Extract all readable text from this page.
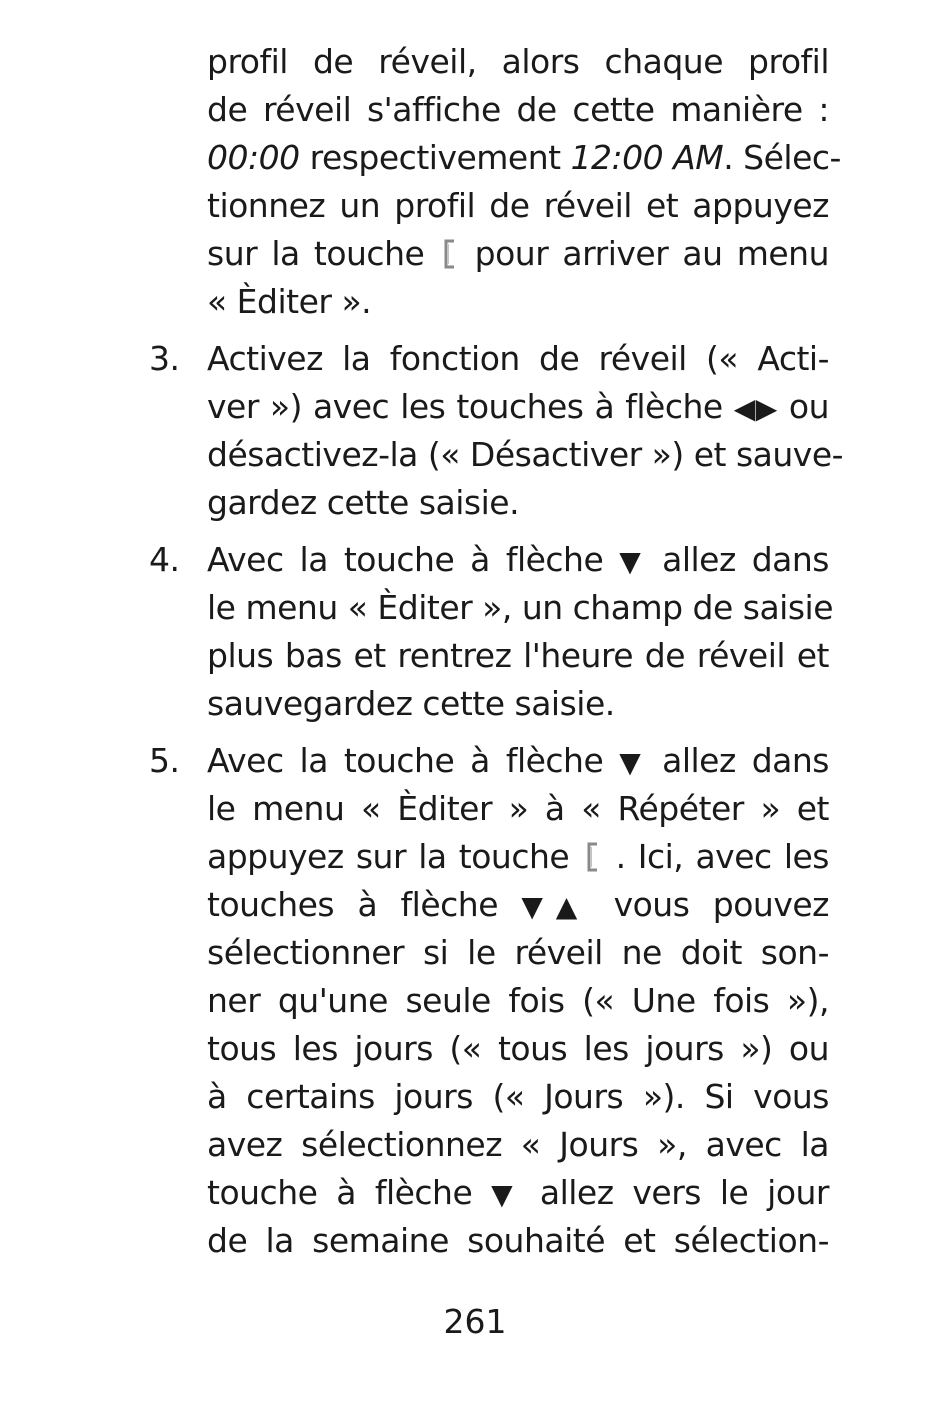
profil de réveil, alors chaque profil
de réveil s'affiche de cette manière :
00:00 respectivement 12:00 AM. Sélec-
tionnez un profil de réveil et appuyez
sur la touche pour arriver au menu
« Èditer ».
3. Activez la fonction de réveil (« Acti-
ver ») avec les touches à flèche ◀▶ ou
désactivez-la (« Désactiver ») et sauve-
gardez cette saisie.
4. Avec la touche à flèche ▼ allez dans
le menu « Èditer », un champ de saisie
plus bas et rentrez l'heure de réveil et
sauvegardez cette saisie.
5. Avec la touche à flèche ▼ allez dans
le menu « Èditer » à « Répéter » et
appuyez sur la touche . Ici, avec les
touches à flèche ▼▲ vous pouvez
sélectionner si le réveil ne doit son-
ner qu'une seule fois (« Une fois »),
tous les jours (« tous les jours ») ou
à certains jours (« Jours »). Si vous
avez sélectionnez « Jours », avec la
touche à flèche ▼ allez vers le jour
de la semaine souhaité et sélection-
261
